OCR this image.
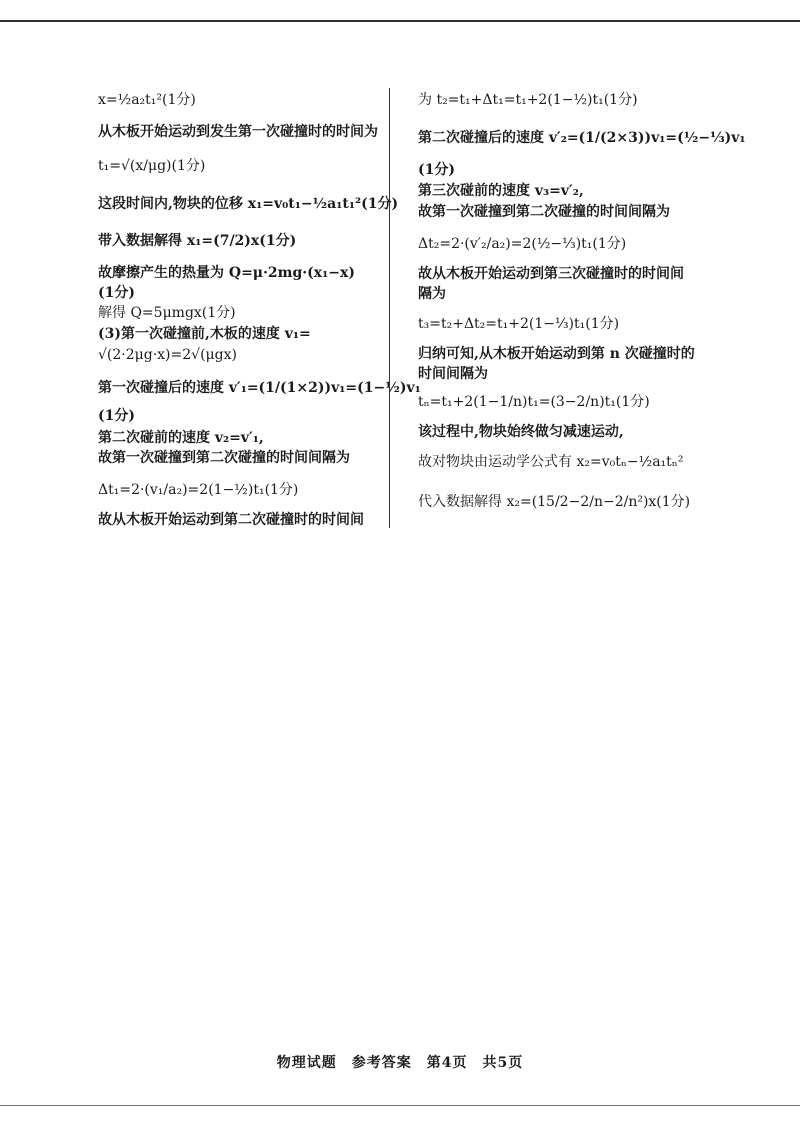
x=½a₂t₁²(1分)
从木板开始运动到发生第一次碰撞时的时间为
t₁=√(x/μg)(1分)
这段时间内,物块的位移 x₁=v₀t₁−½a₁t₁²(1分)
带入数据解得 x₁=(7/2)x(1分)
故摩擦产生的热量为 Q=μ·2mg·(x₁−x)
(1分)
解得 Q=5μmgx(1分)
(3)第一次碰撞前,木板的速度 v₁=
√(2·2μg·x)=2√(μgx)
第一次碰撞后的速度 v′₁=(1/(1×2))v₁=(1−½)v₁
(1分)
第二次碰前的速度 v₂=v′₁,
故第一次碰撞到第二次碰撞的时间间隔为
Δt₁=2·(v₁/a₂)=2(1−½)t₁(1分)
故从木板开始运动到第二次碰撞时的时间间
为 t₂=t₁+Δt₁=t₁+2(1−½)t₁(1分)
第二次碰撞后的速度 v′₂=(1/(2×3))v₁=(½−⅓)v₁
(1分)
第三次碰前的速度 v₃=v′₂,
故第一次碰撞到第二次碰撞的时间间隔为
Δt₂=2·(v′₂/a₂)=2(½−⅓)t₁(1分)
故从木板开始运动到第三次碰撞时的时间间
隔为
t₃=t₂+Δt₂=t₁+2(1−⅓)t₁(1分)
归纳可知,从木板开始运动到第 n 次碰撞时的
时间间隔为
tₙ=t₁+2(1−1/n)t₁=(3−2/n)t₁(1分)
该过程中,物块始终做匀减速运动,
故对物块由运动学公式有 x₂=v₀tₙ−½a₁tₙ²
代入数据解得 x₂=(15/2−2/n−2/n²)x(1分)
物理试题　参考答案　第4页　共5页
